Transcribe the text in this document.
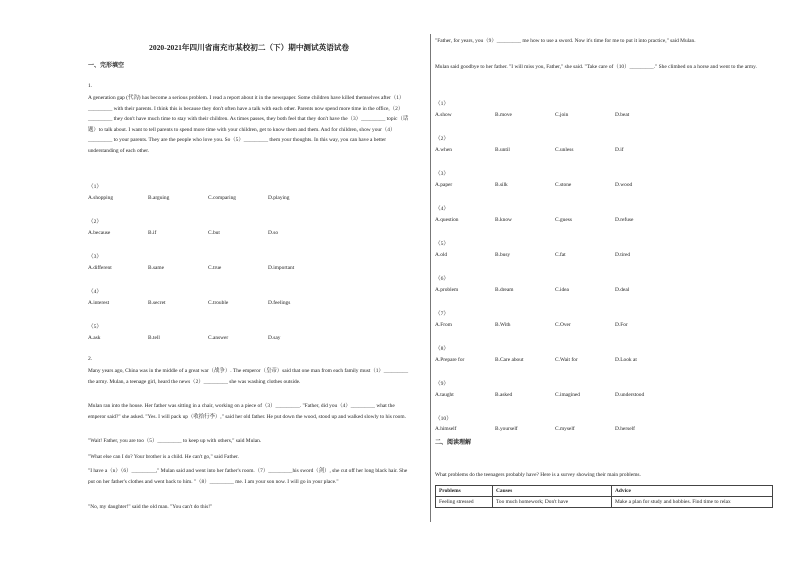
2020-2021年四川省南充市某校初二（下）期中测试英语试卷
一、完形填空
1.

A generation gap (代沟) has become a serious problem. I read a report about it in the newspaper. Some children have killed themselves after（1）_________ with their parents. I think this is because they don't often have a talk with each other. Parents now spend more time in the office,（2）_________ they don't have much time to stay with their children. As times passes, they both feel that they don't have the（3）_________ topic（话题）to talk about. I want to tell parents to spend more time with your children, get to know them and them. And for children, show your（4）_________ to your parents. They are the people who love you. So（5）_________ them your thoughts. In this way, you can have a better understanding of each other.

（1）
A.shopping	B.arguing	C.comparing	D.playing
（2）
A.because	B.if	C.but	D.so
（3）
A.different	B.same	C.true	D.important
（4）
A.interest	B.secret	C.trouble	D.feelings
（5）
A.ask	B.tell	C.answer	D.say
2.

Many years ago, China was in the middle of a great war（战争）. The emperor（皇帝）said that one man from each family must（1）_________ the army. Mulan, a teenage girl, heard the news（2）_________ she was washing clothes outside.

Mulan ran into the house. Her father was sitting in a chair, working on a piece of（3）_________. "Father, did you（4）_________ what the emperor said?" she asked. "Yes. I will pack up（收拾行李）," said her old father. He put down the wood, stood up and walked slowly to his room.

"Wait! Father, you are too（5）_________ to keep up with others," said Mulan.

"What else can I do? Your brother is a child. He can't go," said Father.

"I have a（n）（6）_________," Mulan said and went into her father's room.（7）_________his sword（剑）, she cut off her long black hair. She put on her father's clothes and went back to him. "（8）_________ me. I am your son now. I will go in your place."

"No, my daughter!" said the old man. "You can't do this!"

"Father, for years, you（9）_________ me how to use a sword. Now it's time for me to put it into practice," said Mulan.

Mulan said goodbye to her father. "I will miss you, Father," she said. "Take care of（10）_________." She climbed on a horse and went to the army.

（1）
A.show	B.move	C.join	D.beat
（2）
A.when	B.until	C.unless	D.if
（3）
A.paper	B.silk	C.stone	D.wood
（4）
A.question	B.know	C.guess	D.refuse
（5）
A.old	B.busy	C.fat	D.tired
（6）
A.problem	B.dream	C.idea	D.deal
（7）
A.From	B.With	C.Over	D.For
（8）
A.Prepare for	B.Care about	C.Wait for	D.Look at
（9）
A.taught	B.asked	C.imagined	D.understood
（10）
A.himself	B.yourself	C.myself	D.herself
二、阅读理解

What problems do the teenagers probably have? Here is a survey showing their main problems.

Problems	Causes	Advice
Feeling stressed	Too much homework; Don't have	Make a plan for study and hobbies. Find time to relax
